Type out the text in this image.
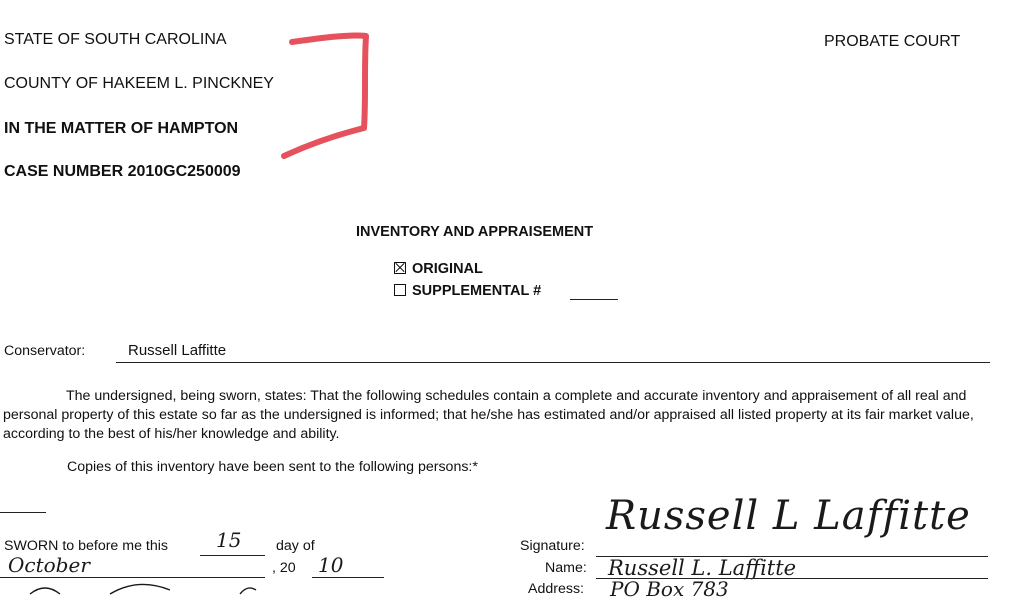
STATE OF SOUTH CAROLINA
COUNTY OF HAKEEM L. PINCKNEY
IN THE MATTER OF HAMPTON
CASE NUMBER 2010GC250009
PROBATE COURT
INVENTORY AND APPRAISEMENT
ORIGINAL
SUPPLEMENTAL #
Conservator:	Russell Laffitte
The undersigned, being sworn, states: That the following schedules contain a complete and accurate inventory and appraisement of all real and personal property of this estate so far as the undersigned is informed; that he/she has estimated and/or appraised all listed property at its fair market value, according to the best of his/her knowledge and ability.
Copies of this inventory have been sent to the following persons:*
SWORN to before me this 15 day of
October	, 20 10
Signature:
Name:
Address:
Russell L Laffitte
Russell L. Laffitte
PO Box 783
